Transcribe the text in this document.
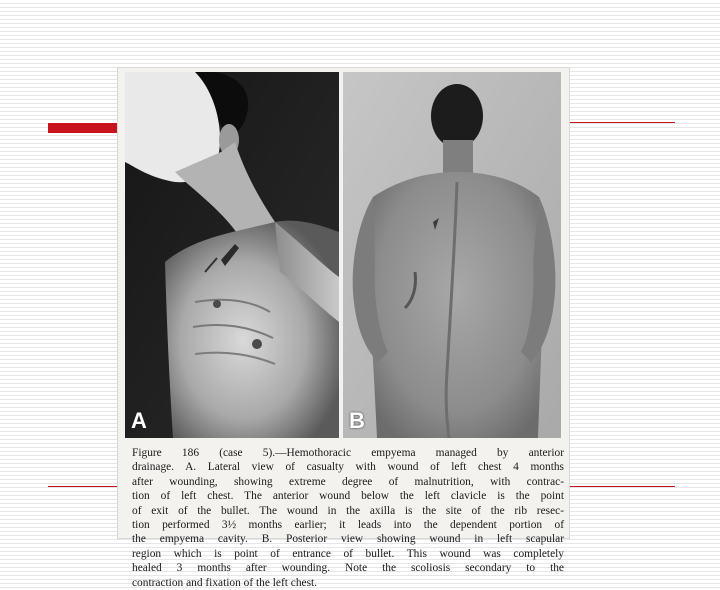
A	B
Figure 186 (case 5).—Hemothoracic empyema managed by anterior
drainage. A. Lateral view of casualty with wound of left chest 4 months
after wounding, showing extreme degree of malnutrition, with contrac-
tion of left chest. The anterior wound below the left clavicle is the point
of exit of the bullet. The wound in the axilla is the site of the rib resec-
tion performed 3½ months earlier; it leads into the dependent portion of
the empyema cavity. B. Posterior view showing wound in left scapular
region which is point of entrance of bullet. This wound was completely
healed 3 months after wounding. Note the scoliosis secondary to the
contraction and fixation of the left chest.
